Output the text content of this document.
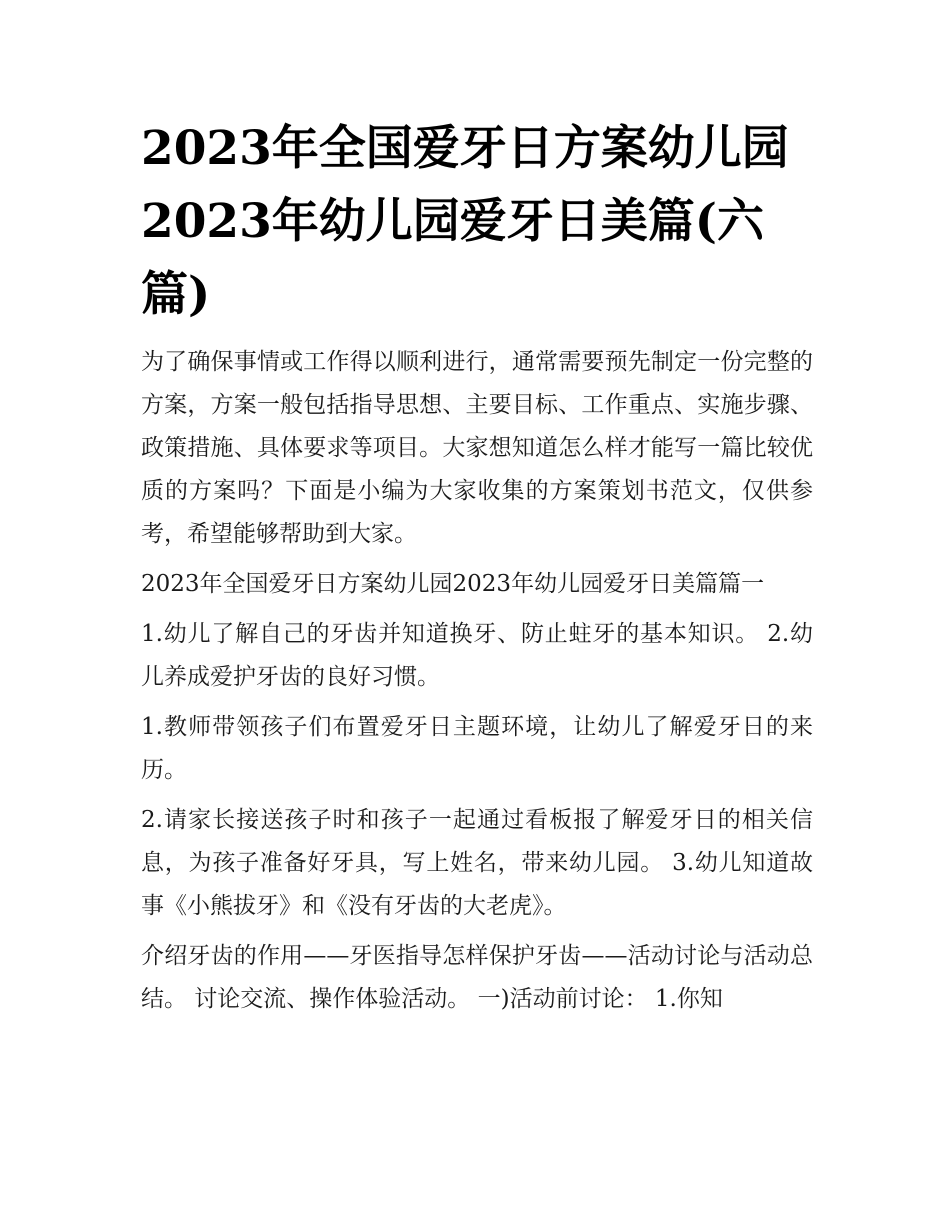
2023年全国爱牙日方案幼儿园2023年幼儿园爱牙日美篇(六篇)

为了确保事情或工作得以顺利进行，通常需要预先制定一份完整的方案，方案一般包括指导思想、主要目标、工作重点、实施步骤、政策措施、具体要求等项目。大家想知道怎么样才能写一篇比较优质的方案吗？下面是小编为大家收集的方案策划书范文，仅供参考，希望能够帮助到大家。

2023年全国爱牙日方案幼儿园2023年幼儿园爱牙日美篇篇一

1.幼儿了解自己的牙齿并知道换牙、防止蛀牙的基本知识。 2.幼儿养成爱护牙齿的良好习惯。

1.教师带领孩子们布置爱牙日主题环境，让幼儿了解爱牙日的来历。

2.请家长接送孩子时和孩子一起通过看板报了解爱牙日的相关信息，为孩子准备好牙具，写上姓名，带来幼儿园。 3.幼儿知道故事《小熊拔牙》和《没有牙齿的大老虎》。

介绍牙齿的作用——牙医指导怎样保护牙齿——活动讨论与活动总结。 讨论交流、操作体验活动。 一)活动前讨论： 1.你知
